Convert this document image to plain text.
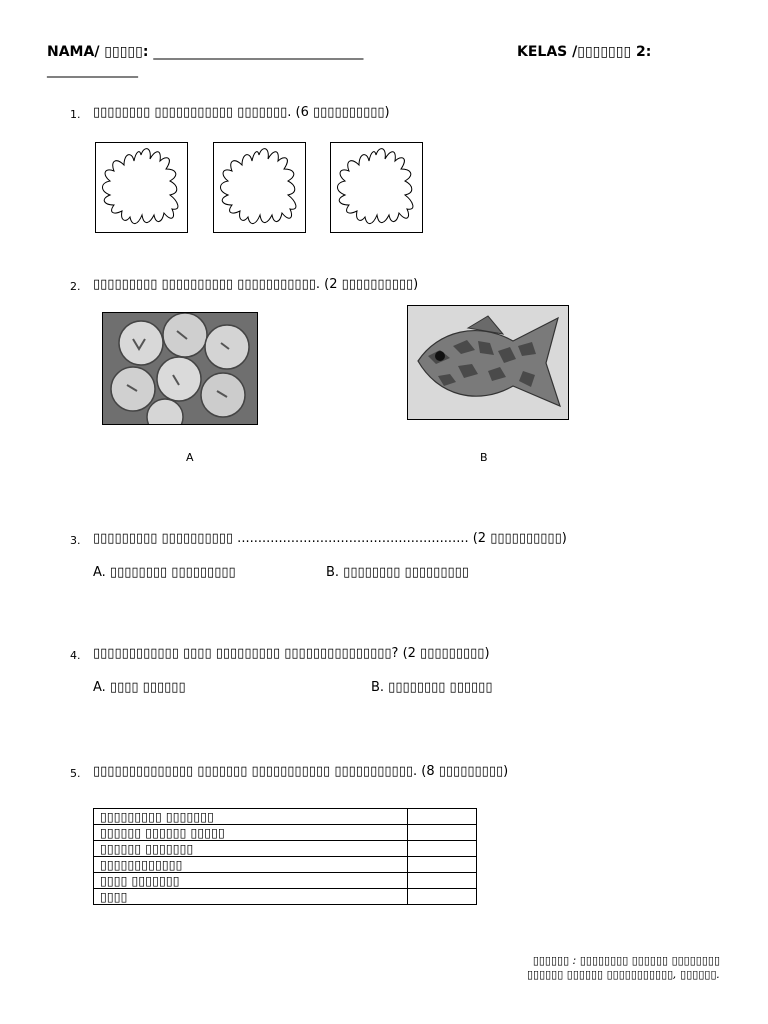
NAMA/ ▯▯▯▯▯: ______________________________	KELAS /▯▯▯▯▯▯▯ 2:
_____________
1. ▯▯▯▯▯▯▯▯ ▯▯▯▯▯▯▯▯▯▯▯ ▯▯▯▯▯▯▯. (6 ▯▯▯▯▯▯▯▯▯▯)
2. ▯▯▯▯▯▯▯▯▯ ▯▯▯▯▯▯▯▯▯▯ ▯▯▯▯▯▯▯▯▯▯▯. (2 ▯▯▯▯▯▯▯▯▯▯)
A	B
3. ▯▯▯▯▯▯▯▯▯ ▯▯▯▯▯▯▯▯▯▯ ........................................................ (2 ▯▯▯▯▯▯▯▯▯▯)
A. ▯▯▯▯▯▯▯▯ ▯▯▯▯▯▯▯▯▯	B. ▯▯▯▯▯▯▯▯ ▯▯▯▯▯▯▯▯▯
4. ▯▯▯▯▯▯▯▯▯▯▯▯ ▯▯▯▯ ▯▯▯▯▯▯▯▯▯ ▯▯▯▯▯▯▯▯▯▯▯▯▯▯▯? (2 ▯▯▯▯▯▯▯▯▯)
A. ▯▯▯▯ ▯▯▯▯▯▯	B. ▯▯▯▯▯▯▯▯ ▯▯▯▯▯▯
5. ▯▯▯▯▯▯▯▯▯▯▯▯▯▯ ▯▯▯▯▯▯▯ ▯▯▯▯▯▯▯▯▯▯▯ ▯▯▯▯▯▯▯▯▯▯▯. (8 ▯▯▯▯▯▯▯▯▯)
▯▯▯▯▯▯▯▯▯ ▯▯▯▯▯▯▯	
▯▯▯▯▯▯ ▯▯▯▯▯▯ ▯▯▯▯▯	
▯▯▯▯▯▯ ▯▯▯▯▯▯▯	
▯▯▯▯▯▯▯▯▯▯▯▯	
▯▯▯▯ ▯▯▯▯▯▯▯	
▯▯▯▯	
▯▯▯▯▯▯ : ▯▯▯▯▯▯▯▯ ▯▯▯▯▯▯ ▯▯▯▯▯▯▯▯
▯▯▯▯▯▯ ▯▯▯▯▯▯ ▯▯▯▯▯▯▯▯▯▯▯, ▯▯▯▯▯▯.
